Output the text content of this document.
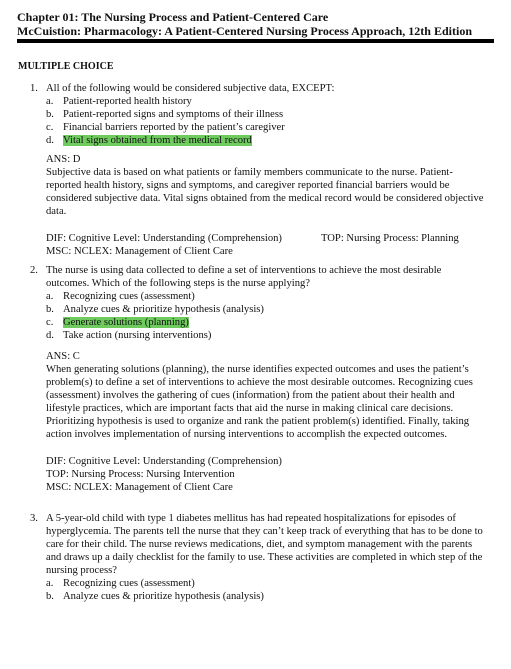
Chapter 01: The Nursing Process and Patient-Centered Care
McCuistion: Pharmacology: A Patient-Centered Nursing Process Approach, 12th Edition
MULTIPLE CHOICE
1. All of the following would be considered subjective data, EXCEPT:
a. Patient-reported health history
b. Patient-reported signs and symptoms of their illness
c. Financial barriers reported by the patient’s caregiver
d. Vital signs obtained from the medical record
ANS: D
Subjective data is based on what patients or family members communicate to the nurse. Patient-reported health history, signs and symptoms, and caregiver reported financial barriers would be considered subjective data. Vital signs obtained from the medical record would be considered objective data.
DIF: Cognitive Level: Understanding (Comprehension)	TOP: Nursing Process: Planning
MSC: NCLEX: Management of Client Care
2. The nurse is using data collected to define a set of interventions to achieve the most desirable outcomes. Which of the following steps is the nurse applying?
a. Recognizing cues (assessment)
b. Analyze cues & prioritize hypothesis (analysis)
c. Generate solutions (planning)
d. Take action (nursing interventions)
ANS: C
When generating solutions (planning), the nurse identifies expected outcomes and uses the patient’s problem(s) to define a set of interventions to achieve the most desirable outcomes. Recognizing cues (assessment) involves the gathering of cues (information) from the patient about their health and lifestyle practices, which are important facts that aid the nurse in making clinical care decisions. Prioritizing hypothesis is used to organize and rank the patient problem(s) identified. Finally, taking action involves implementation of nursing interventions to accomplish the expected outcomes.
DIF: Cognitive Level: Understanding (Comprehension)
TOP: Nursing Process: Nursing Intervention
MSC: NCLEX: Management of Client Care
3. A 5-year-old child with type 1 diabetes mellitus has had repeated hospitalizations for episodes of hyperglycemia. The parents tell the nurse that they can’t keep track of everything that has to be done to care for their child. The nurse reviews medications, diet, and symptom management with the parents and draws up a daily checklist for the family to use. These activities are completed in which step of the nursing process?
a. Recognizing cues (assessment)
b. Analyze cues & prioritize hypothesis (analysis)
